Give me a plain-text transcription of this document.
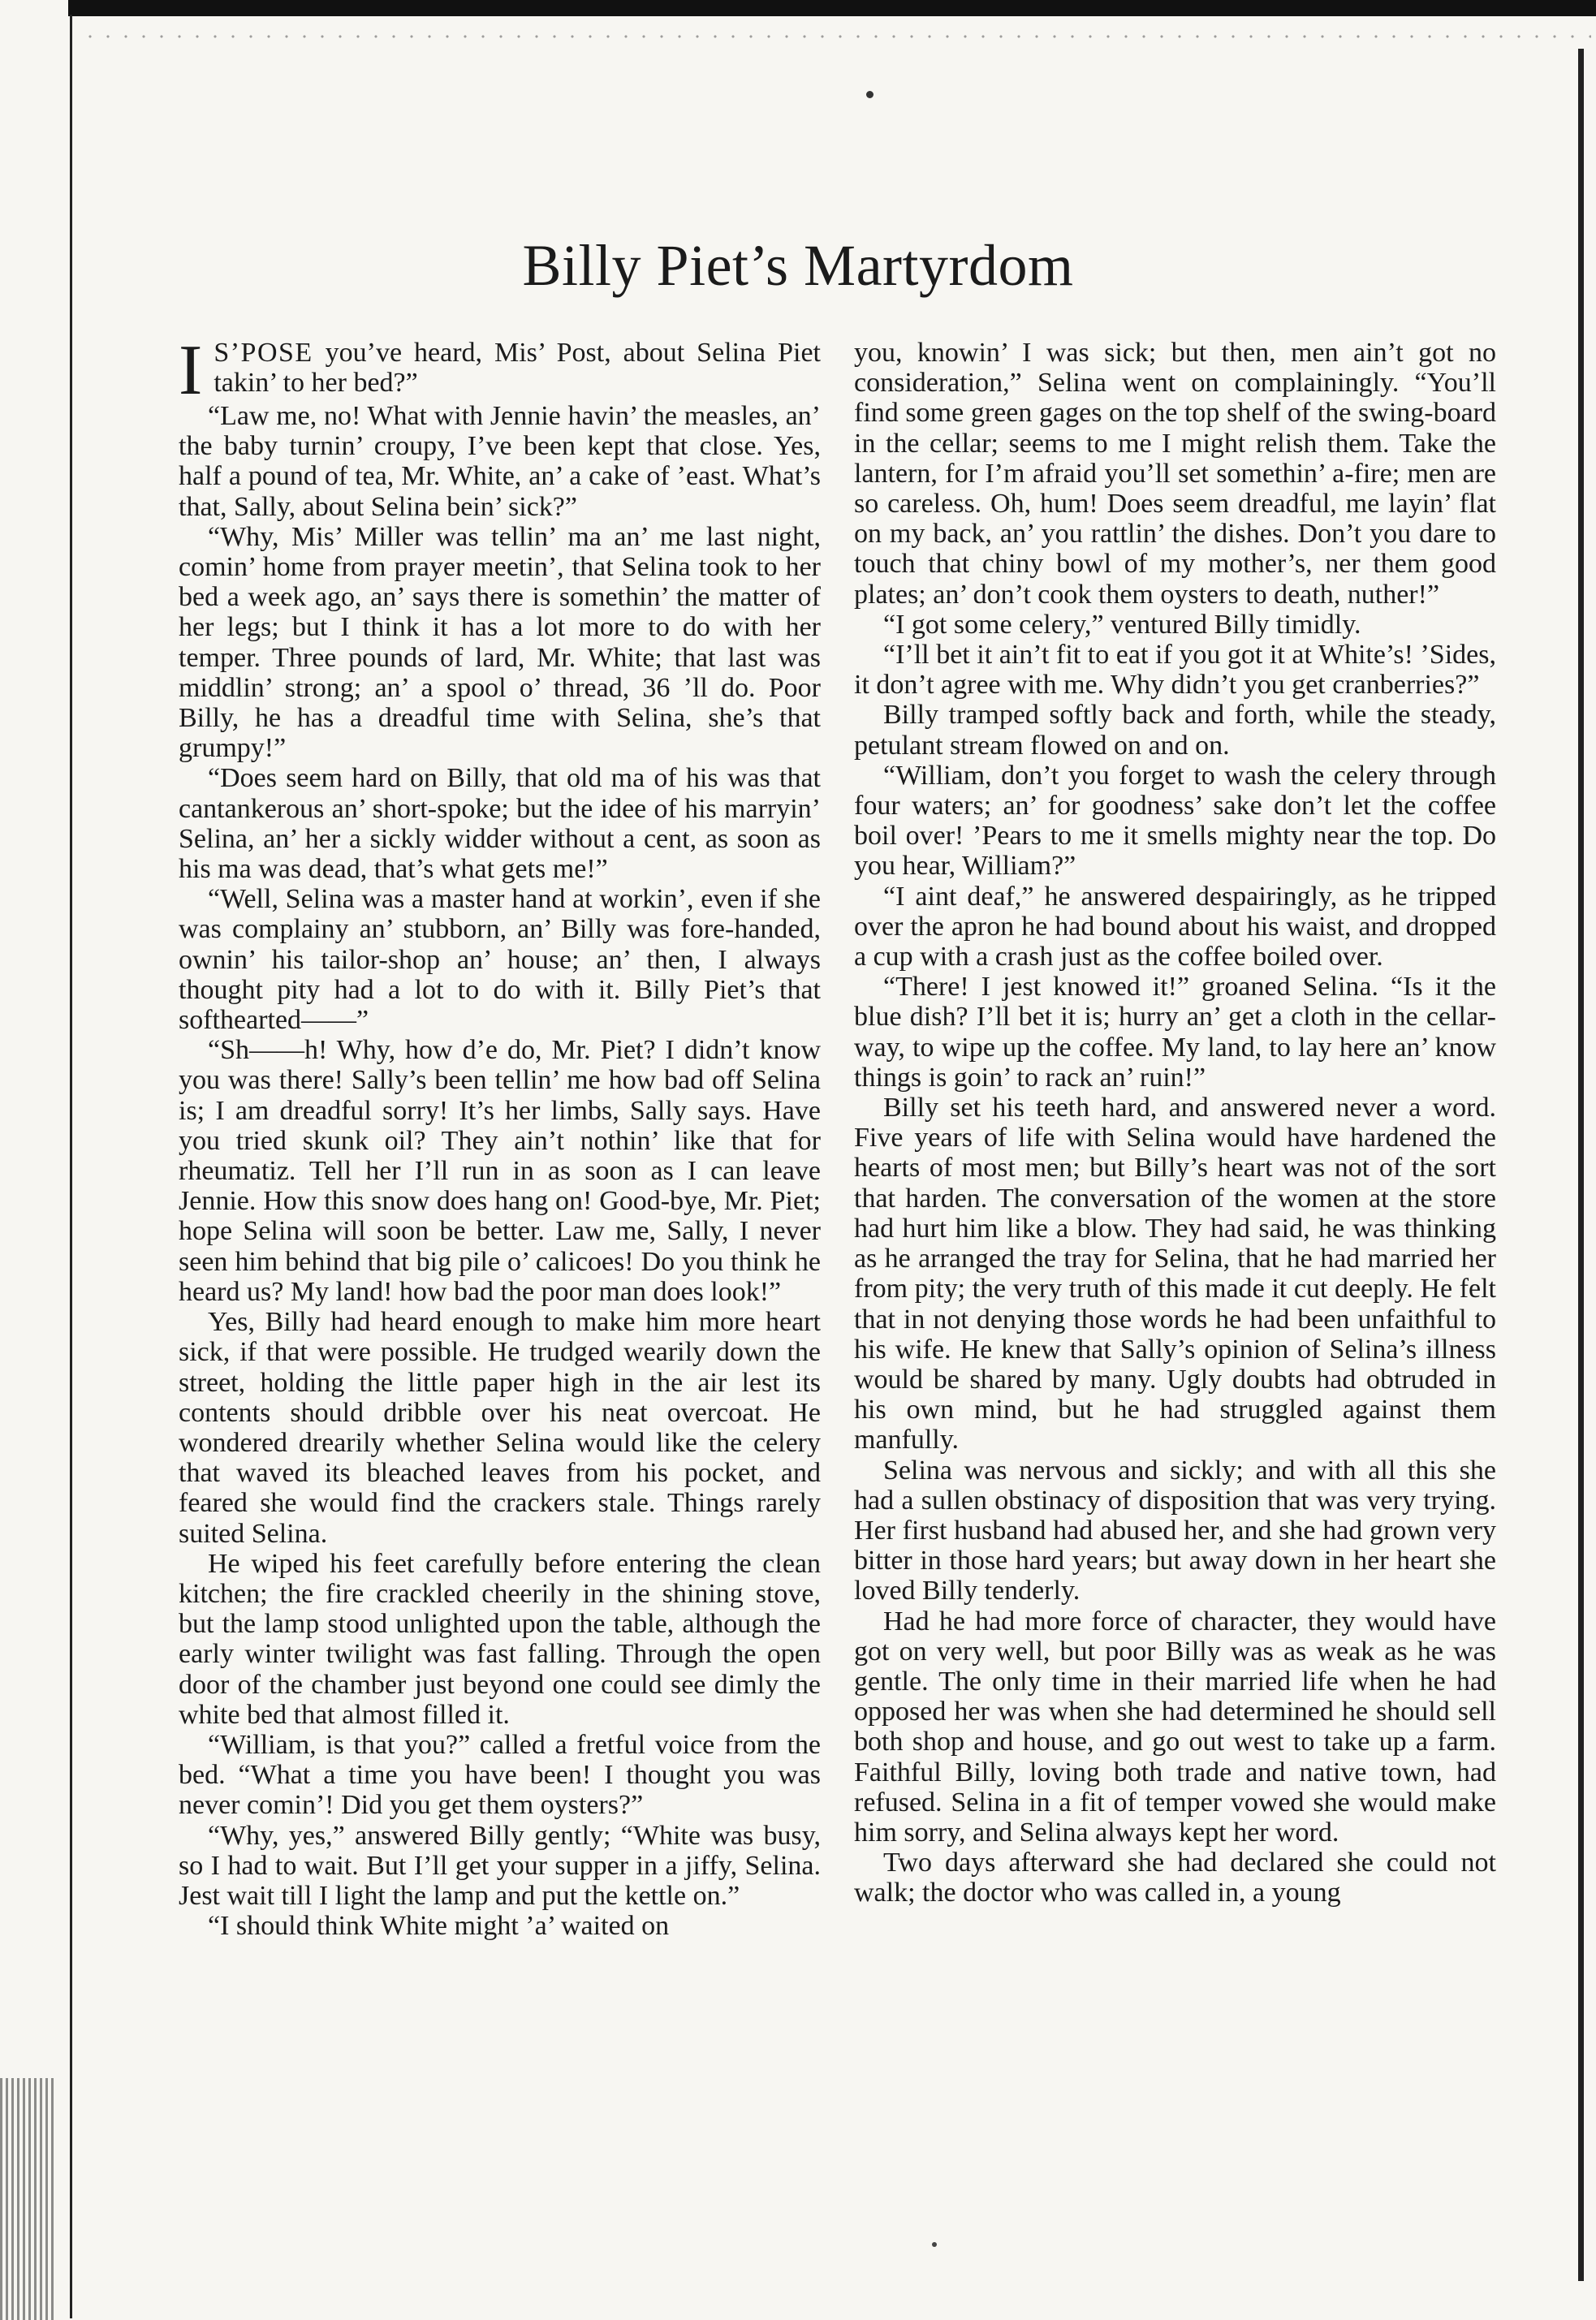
Billy Piet’s Martyrdom
I S’POSE you’ve heard, Mis’ Post, about Selina Piet takin’ to her bed?”

“Law me, no! What with Jennie havin’ the measles, an’ the baby turnin’ croupy, I’ve been kept that close. Yes, half a pound of tea, Mr. White, an’ a cake of ’east. What’s that, Sally, about Selina bein’ sick?”

“Why, Mis’ Miller was tellin’ ma an’ me last night, comin’ home from prayer meetin’, that Selina took to her bed a week ago, an’ says there is somethin’ the matter of her legs; but I think it has a lot more to do with her temper. Three pounds of lard, Mr. White; that last was middlin’ strong; an’ a spool o’ thread, 36 ’ll do. Poor Billy, he has a dreadful time with Selina, she’s that grumpy!”

“Does seem hard on Billy, that old ma of his was that cantankerous an’ short-spoke; but the idee of his marryin’ Selina, an’ her a sickly widder without a cent, as soon as his ma was dead, that’s what gets me!”

“Well, Selina was a master hand at workin’, even if she was complainy an’ stubborn, an’ Billy was fore-handed, ownin’ his tailor-shop an’ house; an’ then, I always thought pity had a lot to do with it. Billy Piet’s that softhearted——”

“Sh——h! Why, how d’e do, Mr. Piet? I didn’t know you was there! Sally’s been tellin’ me how bad off Selina is; I am dreadful sorry! It’s her limbs, Sally says. Have you tried skunk oil? They ain’t nothin’ like that for rheumatiz. Tell her I’ll run in as soon as I can leave Jennie. How this snow does hang on! Good-bye, Mr. Piet; hope Selina will soon be better. Law me, Sally, I never seen him behind that big pile o’ calicoes! Do you think he heard us? My land! how bad the poor man does look!”

Yes, Billy had heard enough to make him more heart sick, if that were possible. He trudged wearily down the street, holding the little paper high in the air lest its contents should dribble over his neat overcoat. He wondered drearily whether Selina would like the celery that waved its bleached leaves from his pocket, and feared she would find the crackers stale. Things rarely suited Selina.

He wiped his feet carefully before entering the clean kitchen; the fire crackled cheerily in the shining stove, but the lamp stood unlighted upon the table, although the early winter twilight was fast falling. Through the open door of the chamber just beyond one could see dimly the white bed that almost filled it.

“William, is that you?” called a fretful voice from the bed. “What a time you have been! I thought you was never comin’! Did you get them oysters?”

“Why, yes,” answered Billy gently; “White was busy, so I had to wait. But I’ll get your supper in a jiffy, Selina. Jest wait till I light the lamp and put the kettle on.”

“I should think White might ’a’ waited on

you, knowin’ I was sick; but then, men ain’t got no consideration,” Selina went on complainingly. “You’ll find some green gages on the top shelf of the swing-board in the cellar; seems to me I might relish them. Take the lantern, for I’m afraid you’ll set somethin’ a-fire; men are so careless. Oh, hum! Does seem dreadful, me layin’ flat on my back, an’ you rattlin’ the dishes. Don’t you dare to touch that chiny bowl of my mother’s, ner them good plates; an’ don’t cook them oysters to death, nuther!”

“I got some celery,” ventured Billy timidly.

“I’ll bet it ain’t fit to eat if you got it at White’s! ’Sides, it don’t agree with me. Why didn’t you get cranberries?”

Billy tramped softly back and forth, while the steady, petulant stream flowed on and on.

“William, don’t you forget to wash the celery through four waters; an’ for goodness’ sake don’t let the coffee boil over! ’Pears to me it smells mighty near the top. Do you hear, William?”

“I aint deaf,” he answered despairingly, as he tripped over the apron he had bound about his waist, and dropped a cup with a crash just as the coffee boiled over.

“There! I jest knowed it!” groaned Selina. “Is it the blue dish? I’ll bet it is; hurry an’ get a cloth in the cellar-way, to wipe up the coffee. My land, to lay here an’ know things is goin’ to rack an’ ruin!”

Billy set his teeth hard, and answered never a word. Five years of life with Selina would have hardened the hearts of most men; but Billy’s heart was not of the sort that harden. The conversation of the women at the store had hurt him like a blow. They had said, he was thinking as he arranged the tray for Selina, that he had married her from pity; the very truth of this made it cut deeply. He felt that in not denying those words he had been unfaithful to his wife. He knew that Sally’s opinion of Selina’s illness would be shared by many. Ugly doubts had obtruded in his own mind, but he had struggled against them manfully.

Selina was nervous and sickly; and with all this she had a sullen obstinacy of disposition that was very trying. Her first husband had abused her, and she had grown very bitter in those hard years; but away down in her heart she loved Billy tenderly.

Had he had more force of character, they would have got on very well, but poor Billy was as weak as he was gentle. The only time in their married life when he had opposed her was when she had determined he should sell both shop and house, and go out west to take up a farm. Faithful Billy, loving both trade and native town, had refused. Selina in a fit of temper vowed she would make him sorry, and Selina always kept her word.

Two days afterward she had declared she could not walk; the doctor who was called in, a young
